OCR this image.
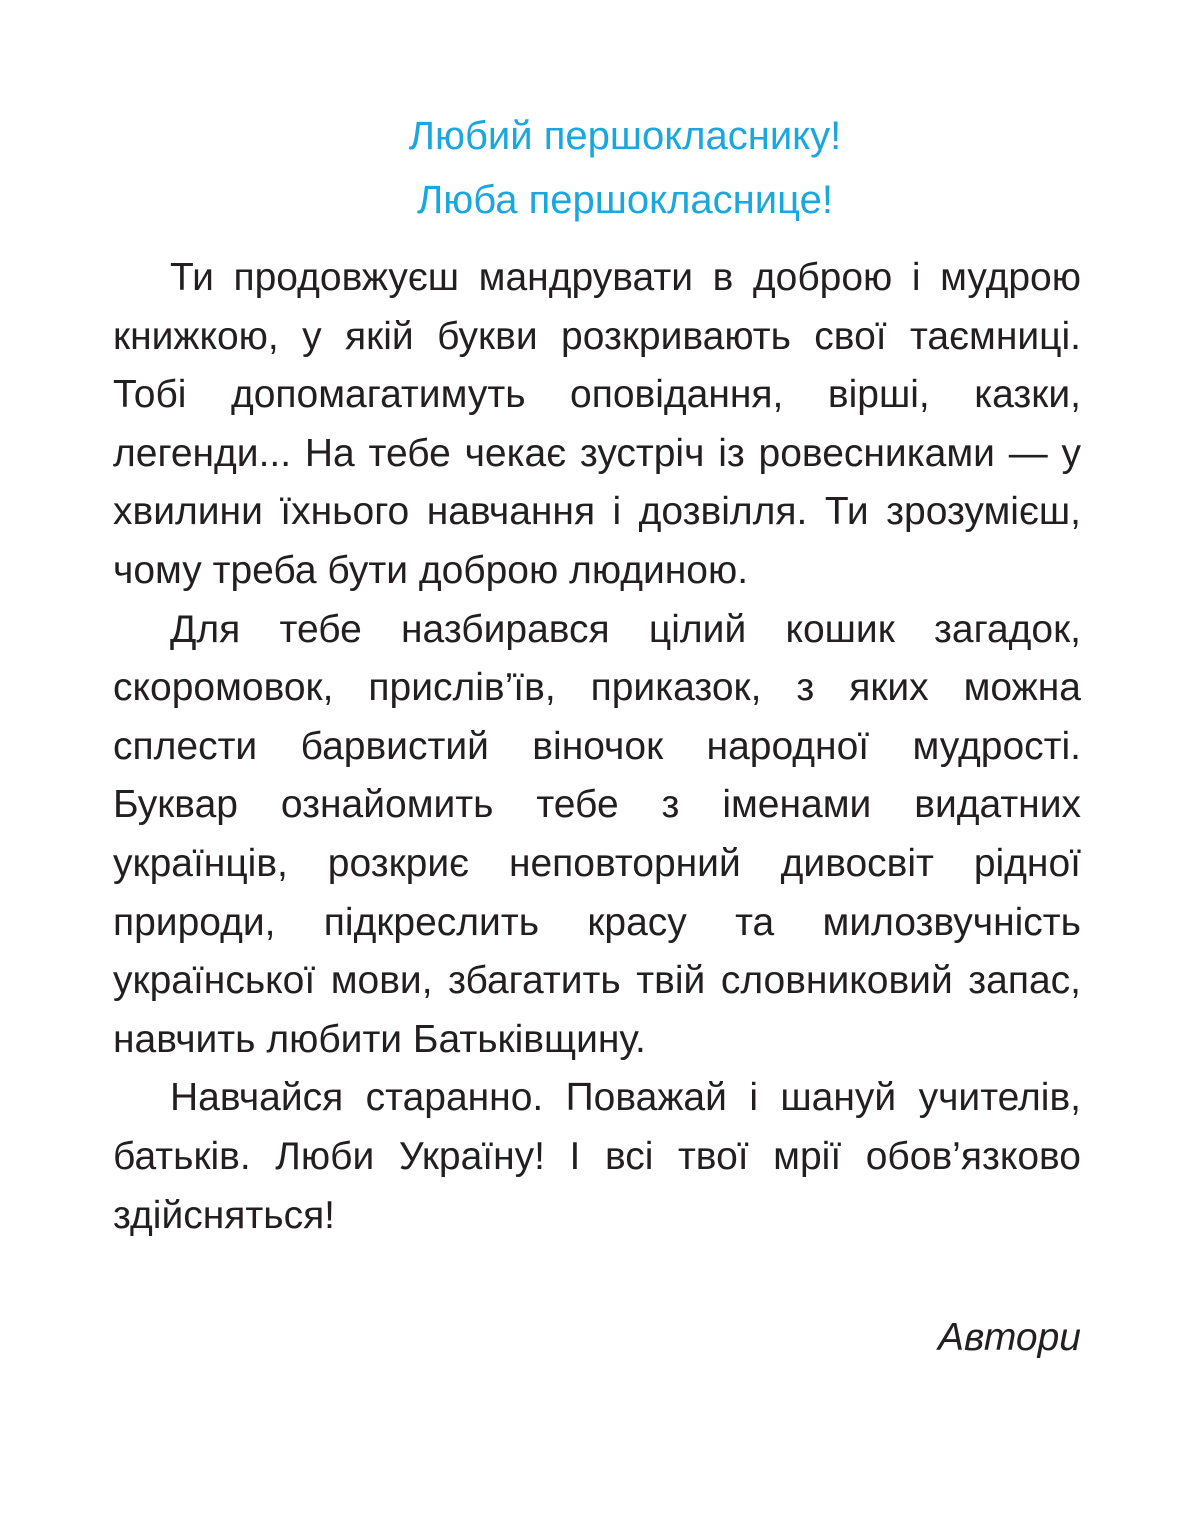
Любий першокласнику!
Люба першокласнице!

Ти продовжуєш мандрувати в доброю і мудрою книжкою, у якій букви розкривають свої таємниці. Тобі допомагатимуть оповідання, вірші, казки, легенди... На тебе чекає зустріч із ровесниками — у хвилини їхнього навчання і дозвілля. Ти зрозумієш, чому треба бути доброю людиною.

Для тебе назбирався цілий кошик загадок, скоромовок, прислів’їв, приказок, з яких можна сплести барвистий віночок народної мудрості. Буквар ознайомить тебе з іменами видатних українців, розкриє неповторний дивосвіт рідної природи, підкреслить красу та милозвучність української мови, збагатить твій словниковий запас, навчить любити Батьківщину.

Навчайся старанно. Поважай і шануй учителів, батьків. Люби Україну! І всі твої мрії обов’язково здійсняться!

Автори
